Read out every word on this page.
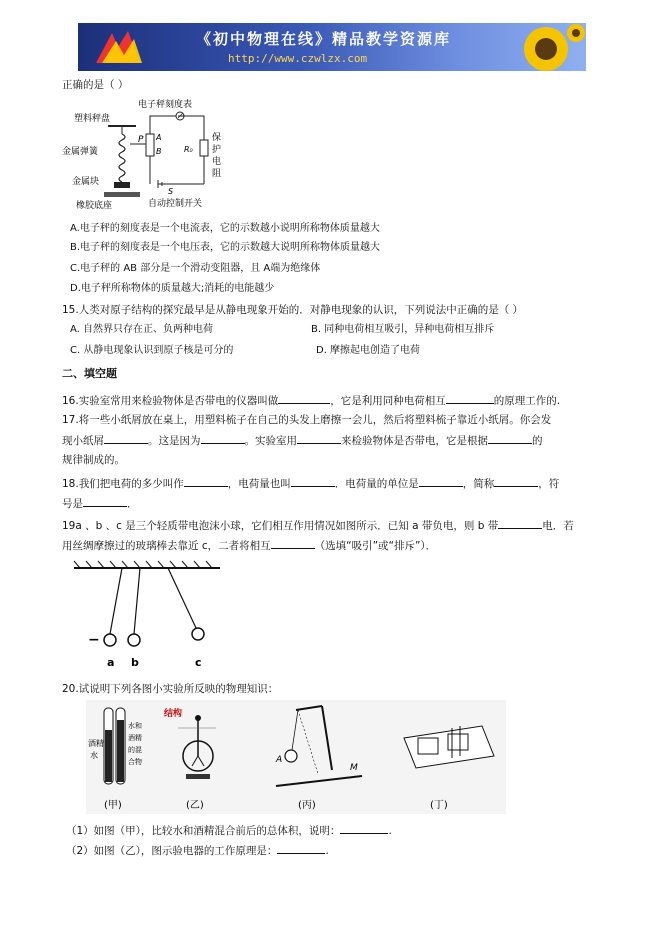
《初中物理在线》精品教学资源库
http://www.czwlzx.com
正确的是（ ）
电子秤刻度表
塑料秤盘
金属弹簧
金属块
橡胶底座	自动控制开关
P A
B	R₀
保
护
电
阻
S
A.电子秤的刻度表是一个电流表，它的示数越小说明所称物体质量越大
B.电子秤的刻度表是一个电压表，它的示数越大说明所称物体质量越大
C.电子秤的 AB 部分是一个滑动变阻器，且 A端为绝缘体
D.电子秤所称物体的质量越大;消耗的电能越少
15.人类对原子结构的探究最早是从静电现象开始的．对静电现象的认识，下列说法中正确的是（ ）
A. 自然界只存在正、负两种电荷	B. 同种电荷相互吸引，异种电荷相互排斥
C. 从静电现象认识到原子核是可分的	D. 摩擦起电创造了电荷
二、填空题
16.实验室常用来检验物体是否带电的仪器叫做	，它是利用同种电荷相互	的原理工作的.
17.将一些小纸屑放在桌上，用塑料梳子在自己的头发上磨擦一会儿，然后将塑料梳子靠近小纸屑。你会发
现小纸屑	。这是因为	。实验室用	来检验物体是否带电，它是根据	的
规律制成的。
18.我们把电荷的多少叫作	，电荷量也叫	．电荷量的单位是	，简称	，符
号是	．
19a 、b 、c 是三个轻质带电泡沫小球，它们相互作用情况如图所示．已知 a 带负电，则 b 带	电．若
用丝绸摩擦过的玻璃棒去靠近 c，二者将相互	（选填“吸引”或“排斥”）．
−
a b	c
20.试说明下列各图小实验所反映的物理知识：
酒精
水
水和
酒精
的混
合物
结构
A
M
(甲)	(乙)	(丙)	(丁)
（1）如图（甲），比较水和酒精混合前后的总体积，说明：	.
（2）如图（乙），图示验电器的工作原理是：	.
